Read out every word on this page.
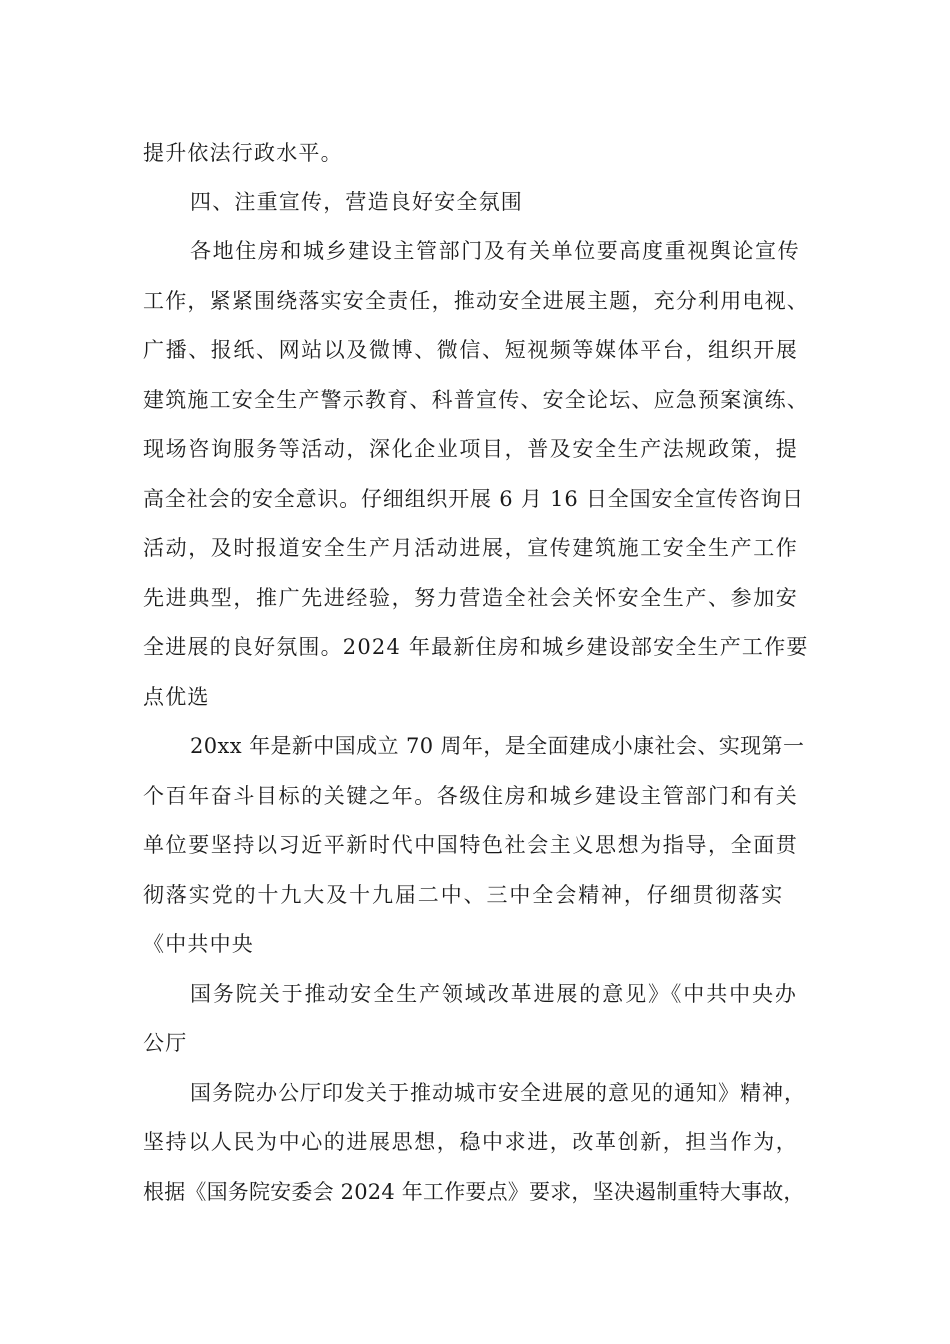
提升依法行政水平。
四、注重宣传，营造良好安全氛围
各地住房和城乡建设主管部门及有关单位要高度重视舆论宣传
工作，紧紧围绕落实安全责任，推动安全进展主题，充分利用电视、
广播、报纸、网站以及微博、微信、短视频等媒体平台，组织开展
建筑施工安全生产警示教育、科普宣传、安全论坛、应急预案演练、
现场咨询服务等活动，深化企业项目，普及安全生产法规政策，提
高全社会的安全意识。仔细组织开展 6 月 16 日全国安全宣传咨询日
活动，及时报道安全生产月活动进展，宣传建筑施工安全生产工作
先进典型，推广先进经验，努力营造全社会关怀安全生产、参加安
全进展的良好氛围。2024 年最新住房和城乡建设部安全生产工作要
点优选
20xx 年是新中国成立 70 周年，是全面建成小康社会、实现第一
个百年奋斗目标的关键之年。各级住房和城乡建设主管部门和有关
单位要坚持以习近平新时代中国特色社会主义思想为指导，全面贯
彻落实党的十九大及十九届二中、三中全会精神，仔细贯彻落实
《中共中央
国务院关于推动安全生产领域改革进展的意见》《中共中央办
公厅
国务院办公厅印发关于推动城市安全进展的意见的通知》精神，
坚持以人民为中心的进展思想，稳中求进，改革创新，担当作为，
根据《国务院安委会 2024 年工作要点》要求，坚决遏制重特大事故，
